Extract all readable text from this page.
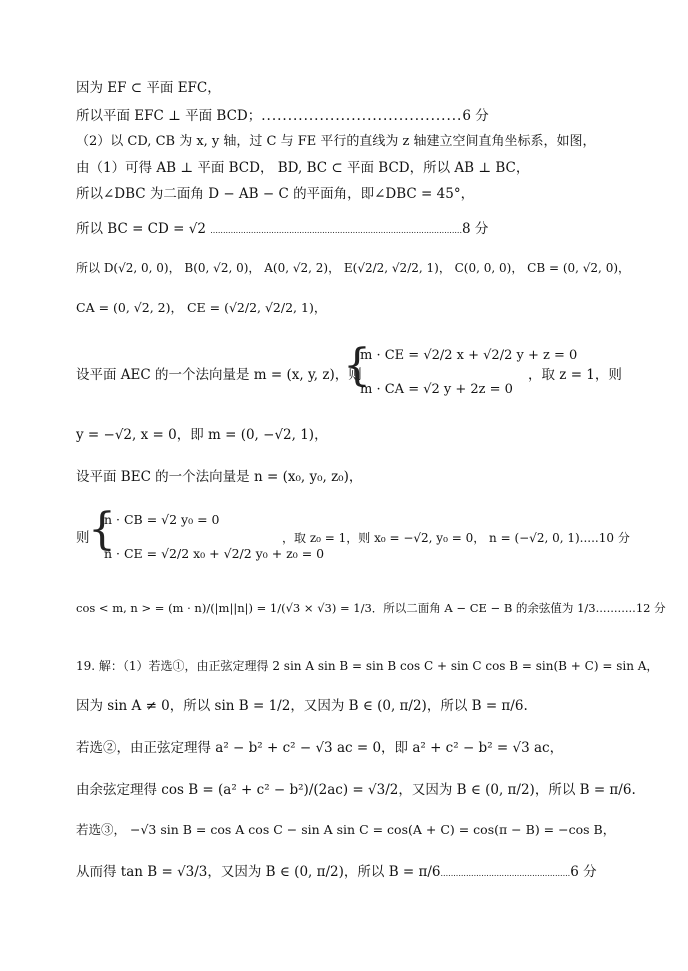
因为 EF ⊂ 平面 EFC，
所以平面 EFC ⊥ 平面 BCD；......................................6 分
（2）以 CD, CB 为 x, y 轴，过 C 与 FE 平行的直线为 z 轴建立空间直角坐标系，如图，
由（1）可得 AB ⊥ 平面 BCD， BD, BC ⊂ 平面 BCD，所以 AB ⊥ BC，
所以∠DBC 为二面角 D − AB − C 的平面角，即∠DBC = 45°，
所以 BC = CD = √2 ...................................................................................................8 分
所以 D(√2, 0, 0)， B(0, √2, 0)， A(0, √2, 2)， E(√2/2, √2/2, 1)， C(0, 0, 0)， CB = (0, √2, 0)，
CA = (0, √2, 2)， CE = (√2/2, √2/2, 1)，
设平面 AEC 的一个法向量是 m = (x, y, z)，则
{
m · CE = √2/2 x + √2/2 y + z = 0
m · CA = √2 y + 2z = 0
，取 z = 1，则
y = −√2, x = 0，即 m = (0, −√2, 1)，
设平面 BEC 的一个法向量是 n = (x₀, y₀, z₀)，
则
{
n · CB = √2 y₀ = 0
n · CE = √2/2 x₀ + √2/2 y₀ + z₀ = 0
，取 z₀ = 1，则 x₀ = −√2, y₀ = 0， n = (−√2, 0, 1).....10 分
cos < m, n > = (m · n)/(|m||n|) = 1/(√3 × √3) = 1/3．所以二面角 A − CE − B 的余弦值为 1/3...........12 分
19. 解：（1）若选①，由正弦定理得 2 sin A sin B = sin B cos C + sin C cos B = sin(B + C) = sin A，
因为 sin A ≠ 0，所以 sin B = 1/2，又因为 B ∈ (0, π/2)，所以 B = π/6.
若选②，由正弦定理得 a² − b² + c² − √3 ac = 0，即 a² + c² − b² = √3 ac，
由余弦定理得 cos B = (a² + c² − b²)/(2ac) = √3/2，又因为 B ∈ (0, π/2)，所以 B = π/6.
若选③， −√3 sin B = cos A cos C − sin A sin C = cos(A + C) = cos(π − B) = −cos B，
从而得 tan B = √3/3，又因为 B ∈ (0, π/2)，所以 B = π/6...................................................6 分
